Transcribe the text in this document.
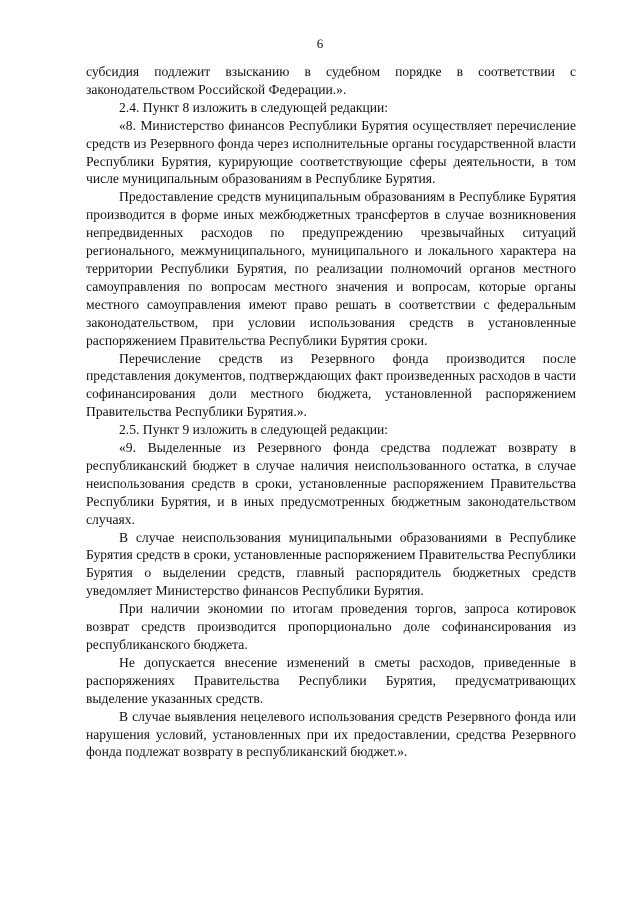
6

субсидия подлежит взысканию в судебном порядке в соответствии с законодательством Российской Федерации.».

2.4. Пункт 8 изложить в следующей редакции:

«8. Министерство финансов Республики Бурятия осуществляет перечисление средств из Резервного фонда через исполнительные органы государственной власти Республики Бурятия, курирующие соответствующие сферы деятельности, в том числе муниципальным образованиям в Республике Бурятия.

Предоставление средств муниципальным образованиям в Республике Бурятия производится в форме иных межбюджетных трансфертов в случае возникновения непредвиденных расходов по предупреждению чрезвычайных ситуаций регионального, межмуниципального, муниципального и локального характера на территории Республики Бурятия, по реализации полномочий органов местного самоуправления по вопросам местного значения и вопросам, которые органы местного самоуправления имеют право решать в соответствии с федеральным законодательством, при условии использования средств в установленные распоряжением Правительства Республики Бурятия сроки.

Перечисление средств из Резервного фонда производится после представления документов, подтверждающих факт произведенных расходов в части софинансирования доли местного бюджета, установленной распоряжением Правительства Республики Бурятия.».

2.5. Пункт 9 изложить в следующей редакции:

«9. Выделенные из Резервного фонда средства подлежат возврату в республиканский бюджет в случае наличия неиспользованного остатка, в случае неиспользования средств в сроки, установленные распоряжением Правительства Республики Бурятия, и в иных предусмотренных бюджетным законодательством случаях.

В случае неиспользования муниципальными образованиями в Республике Бурятия средств в сроки, установленные распоряжением Правительства Республики Бурятия о выделении средств, главный распорядитель бюджетных средств уведомляет Министерство финансов Республики Бурятия.

При наличии экономии по итогам проведения торгов, запроса котировок возврат средств производится пропорционально доле софинансирования из республиканского бюджета.

Не допускается внесение изменений в сметы расходов, приведенные в распоряжениях Правительства Республики Бурятия, предусматривающих выделение указанных средств.

В случае выявления нецелевого использования средств Резервного фонда или нарушения условий, установленных при их предоставлении, средства Резервного фонда подлежат возврату в республиканский бюджет.».
